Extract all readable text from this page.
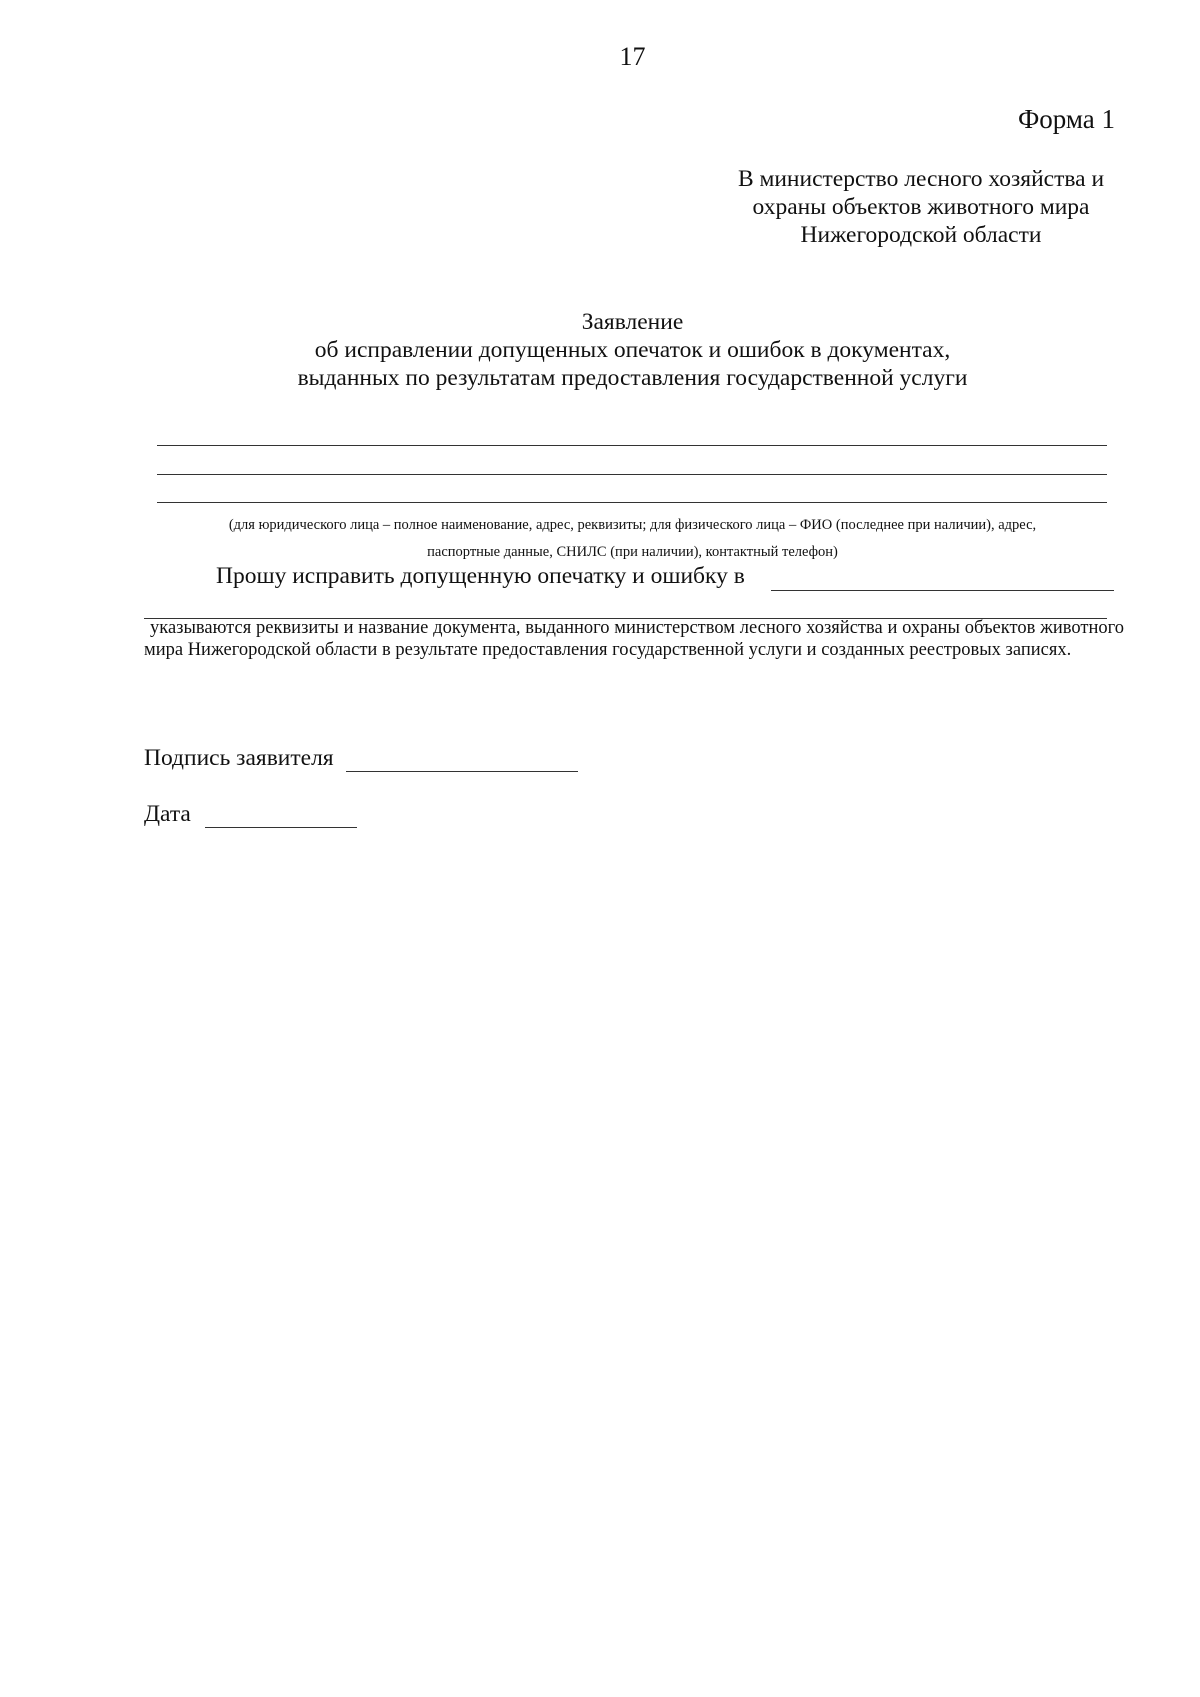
17
Форма 1
В министерство лесного хозяйства и
охраны объектов животного мира
Нижегородской области
Заявление
об исправлении допущенных опечаток и ошибок в документах,
выданных по результатам предоставления государственной услуги
(для юридического лица – полное наименование, адрес, реквизиты; для физического лица – ФИО (последнее при наличии), адрес,
паспортные данные, СНИЛС (при наличии), контактный телефон)
Прошу исправить допущенную опечатку и ошибку в
указываются реквизиты и название документа, выданного министерством лесного хозяйства и охраны объектов животного мира Нижегородской области в результате предоставления государственной услуги и созданных реестровых записях.
Подпись заявителя
Дата
